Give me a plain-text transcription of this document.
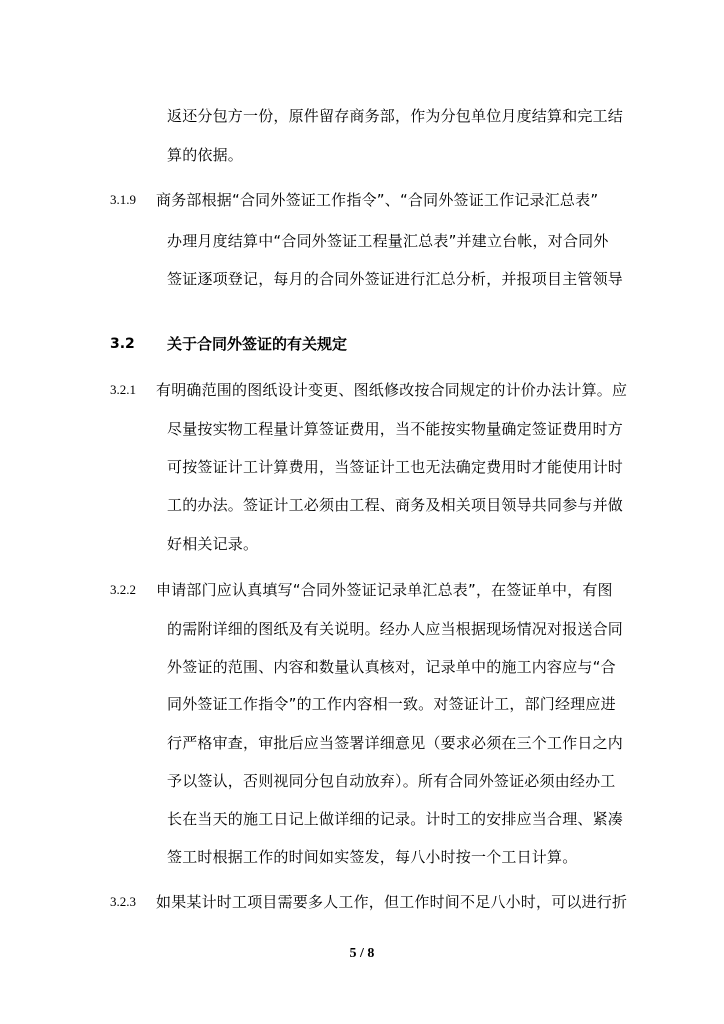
返还分包方一份，原件留存商务部，作为分包单位月度结算和完工结
算的依据。
3.1.9 商务部根据“合同外签证工作指令”、“合同外签证工作记录汇总表”
办理月度结算中“合同外签证工程量汇总表”并建立台帐，对合同外
签证逐项登记，每月的合同外签证进行汇总分析，并报项目主管领导
3.2 关于合同外签证的有关规定
3.2.1 有明确范围的图纸设计变更、图纸修改按合同规定的计价办法计算。应
尽量按实物工程量计算签证费用，当不能按实物量确定签证费用时方
可按签证计工计算费用，当签证计工也无法确定费用时才能使用计时
工的办法。签证计工必须由工程、商务及相关项目领导共同参与并做
好相关记录。
3.2.2 申请部门应认真填写“合同外签证记录单汇总表”，在签证单中，有图
的需附详细的图纸及有关说明。经办人应当根据现场情况对报送合同
外签证的范围、内容和数量认真核对，记录单中的施工内容应与“合
同外签证工作指令”的工作内容相一致。对签证计工，部门经理应进
行严格审查，审批后应当签署详细意见（要求必须在三个工作日之内
予以签认，否则视同分包自动放弃）。所有合同外签证必须由经办工
长在当天的施工日记上做详细的记录。计时工的安排应当合理、紧凑
签工时根据工作的时间如实签发，每八小时按一个工日计算。
3.2.3 如果某计时工项目需要多人工作，但工作时间不足八小时，可以进行折
5 / 8
